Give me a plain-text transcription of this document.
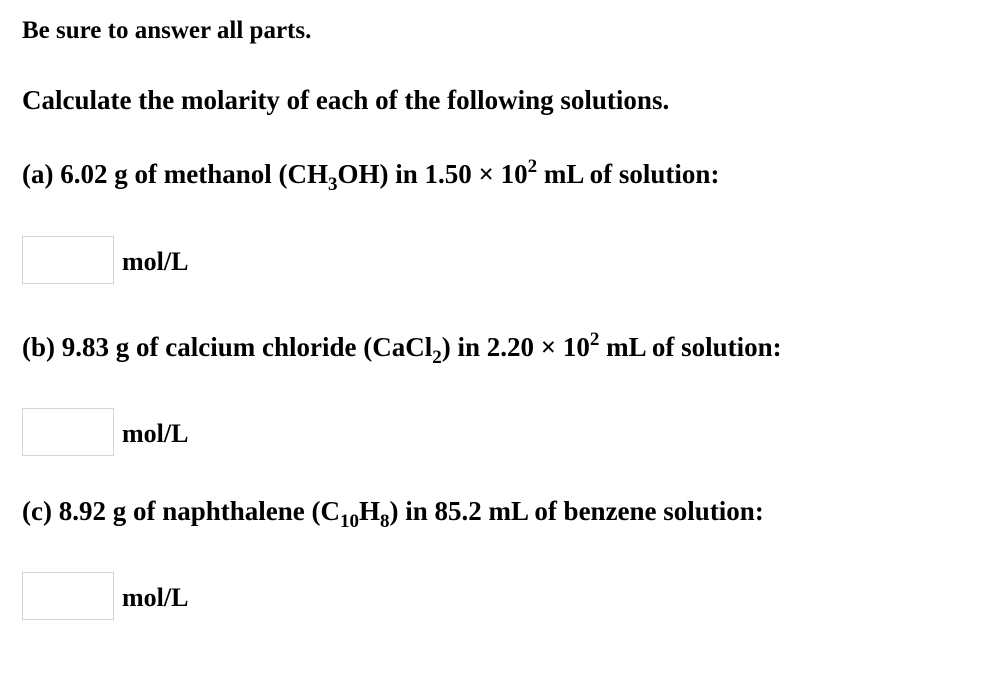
Be sure to answer all parts.
Calculate the molarity of each of the following solutions.
(a) 6.02 g of methanol $(CH_3OH)$ in $1.50 \times 10^2$ mL of solution:
mol/L
(b) 9.83 g of calcium chloride (CaCl$_2$) in $2.20 \times 10^2$ mL of solution:
mol/L
(c) 8.92 g of naphthalene $(C_{10}H_8)$ in 85.2 mL of benzene solution:
mol/L
